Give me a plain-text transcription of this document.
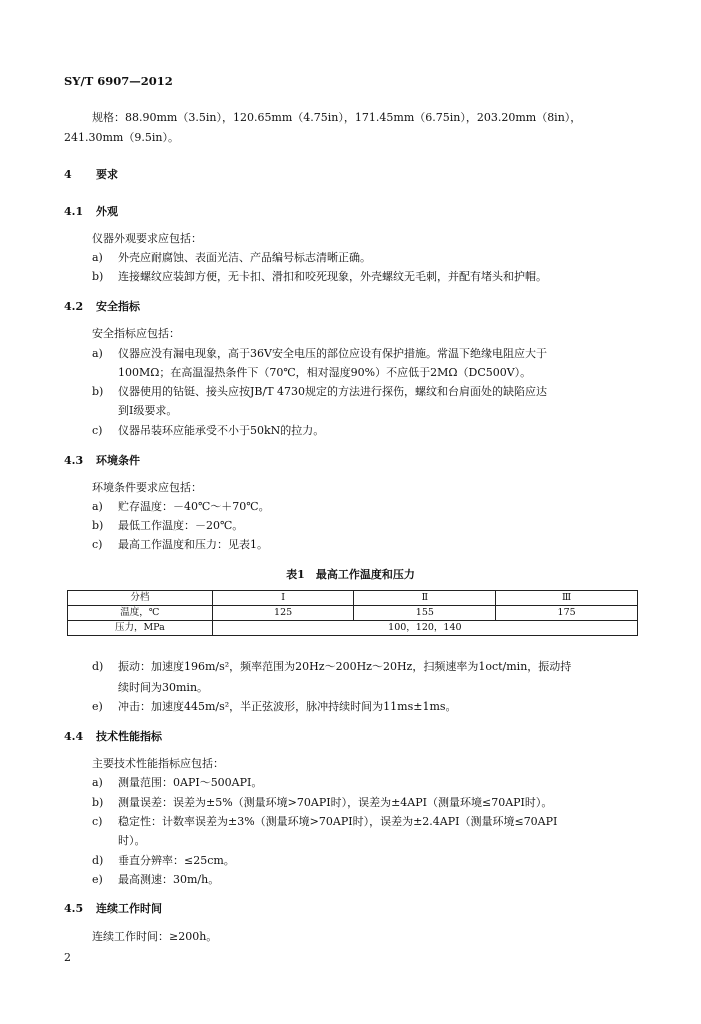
SY/T 6907—2012
规格：88.90mm（3.5in），120.65mm（4.75in），171.45mm（6.75in），203.20mm（8in），
241.30mm（9.5in）。
4 要求
4.1 外观
仪器外观要求应包括：
a) 外壳应耐腐蚀、表面光洁、产品编号标志清晰正确。
b) 连接螺纹应装卸方便，无卡扣、滑扣和咬死现象，外壳螺纹无毛刺，并配有堵头和护帽。
4.2 安全指标
安全指标应包括：
a) 仪器应没有漏电现象，高于36V安全电压的部位应设有保护措施。常温下绝缘电阻应大于
100MΩ；在高温湿热条件下（70℃，相对湿度90%）不应低于2MΩ（DC500V）。
b) 仪器使用的钻铤、接头应按JB/T 4730规定的方法进行探伤，螺纹和台肩面处的缺陷应达
到Ⅰ级要求。
c) 仪器吊装环应能承受不小于50kN的拉力。
4.3 环境条件
环境条件要求应包括：
a) 贮存温度：－40℃～＋70℃。
b) 最低工作温度：－20℃。
c) 最高工作温度和压力：见表1。
表1　最高工作温度和压力
分档	Ⅰ	Ⅱ	Ⅲ
温度，℃	125	155	175
压力，MPa	100，120，140		
d) 振动：加速度196m/s²，频率范围为20Hz～200Hz～20Hz，扫频速率为1oct/min，振动持
续时间为30min。
e) 冲击：加速度445m/s²，半正弦波形，脉冲持续时间为11ms±1ms。
4.4 技术性能指标
主要技术性能指标应包括：
a) 测量范围：0API～500API。
b) 测量误差：误差为±5%（测量环境>70API时），误差为±4API（测量环境≤70API时）。
c) 稳定性：计数率误差为±3%（测量环境>70API时），误差为±2.4API（测量环境≤70API
时）。
d) 垂直分辨率：≤25cm。
e) 最高测速：30m/h。
4.5 连续工作时间
连续工作时间：≥200h。
2
